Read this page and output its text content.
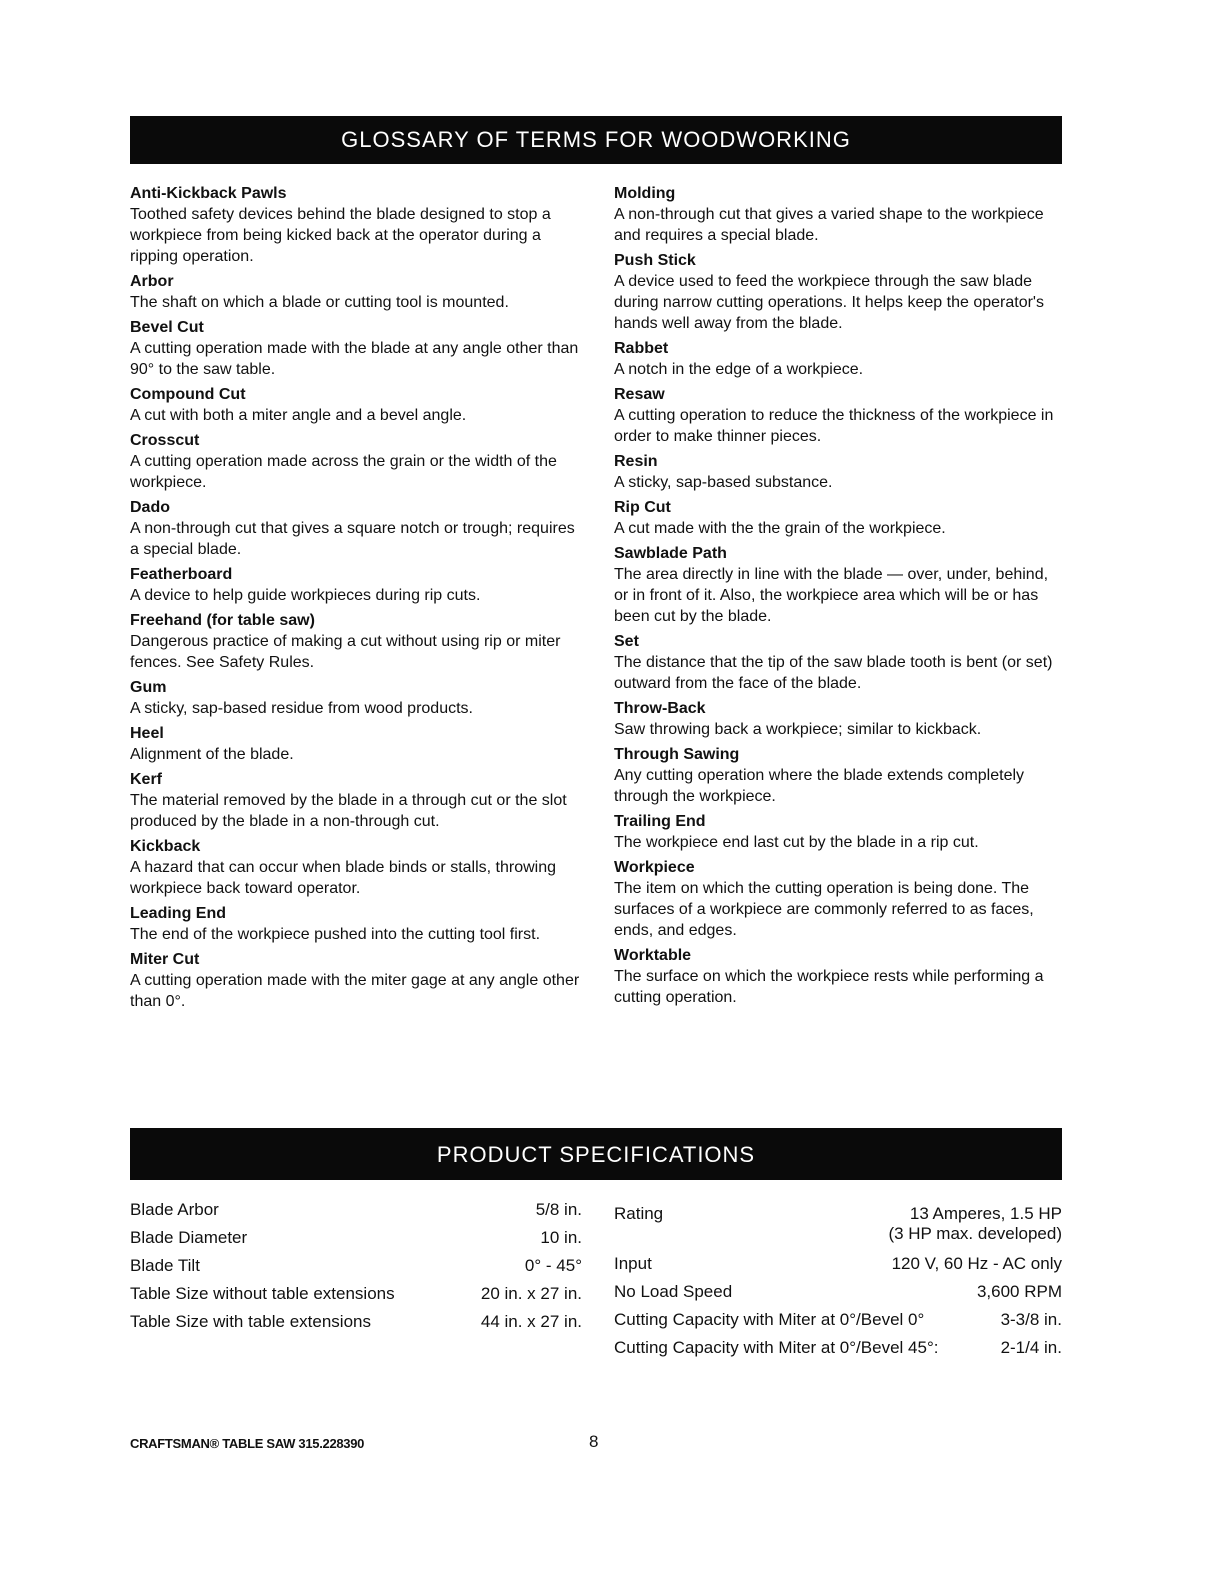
GLOSSARY OF TERMS FOR WOODWORKING
Anti-Kickback Pawls
Toothed safety devices behind the blade designed to stop a workpiece from being kicked back at the operator during a ripping operation.
Arbor
The shaft on which a blade or cutting tool is mounted.
Bevel Cut
A cutting operation made with the blade at any angle other than 90° to the saw table.
Compound Cut
A cut with both a miter angle and a bevel angle.
Crosscut
A cutting operation made across the grain or the width of the workpiece.
Dado
A non-through cut that gives a square notch or trough; requires a special blade.
Featherboard
A device to help guide workpieces during rip cuts.
Freehand (for table saw)
Dangerous practice of making a cut without using rip or miter fences. See Safety Rules.
Gum
A sticky, sap-based residue from wood products.
Heel
Alignment of the blade.
Kerf
The material removed by the blade in a through cut or the slot produced by the blade in a non-through cut.
Kickback
A hazard that can occur when blade binds or stalls, throwing workpiece back toward operator.
Leading End
The end of the workpiece pushed into the cutting tool first.
Miter Cut
A cutting operation made with the miter gage at any angle other than 0°.
Molding
A non-through cut that gives a varied shape to the workpiece and requires a special blade.
Push Stick
A device used to feed the workpiece through the saw blade during narrow cutting operations. It helps keep the operator's hands well away from the blade.
Rabbet
A notch in the edge of a workpiece.
Resaw
A cutting operation to reduce the thickness of the workpiece in order to make thinner pieces.
Resin
A sticky, sap-based substance.
Rip Cut
A cut made with the the grain of the workpiece.
Sawblade Path
The area directly in line with the blade — over, under, behind, or in front of it. Also, the workpiece area which will be or has been cut by the blade.
Set
The distance that the tip of the saw blade tooth is bent (or set) outward from the face of the blade.
Throw-Back
Saw throwing back a workpiece; similar to kickback.
Through Sawing
Any cutting operation where the blade extends completely through the workpiece.
Trailing End
The workpiece end last cut by the blade in a rip cut.
Workpiece
The item on which the cutting operation is being done. The surfaces of a workpiece are commonly referred to as faces, ends, and edges.
Worktable
The surface on which the workpiece rests while performing a cutting operation.
PRODUCT SPECIFICATIONS
Blade Arbor	5/8 in.
Blade Diameter	10 in.
Blade Tilt	0° - 45°
Table Size without table extensions	20 in. x 27 in.
Table Size with table extensions	44 in. x 27 in.
Rating	13 Amperes, 1.5 HP
(3 HP max. developed)
Input	120 V, 60 Hz - AC only
No Load Speed	3,600 RPM
Cutting Capacity with Miter at 0°/Bevel 0°	3-3/8 in.
Cutting Capacity with Miter at 0°/Bevel 45°:	2-1/4 in.
CRAFTSMAN® TABLE SAW 315.228390	8
